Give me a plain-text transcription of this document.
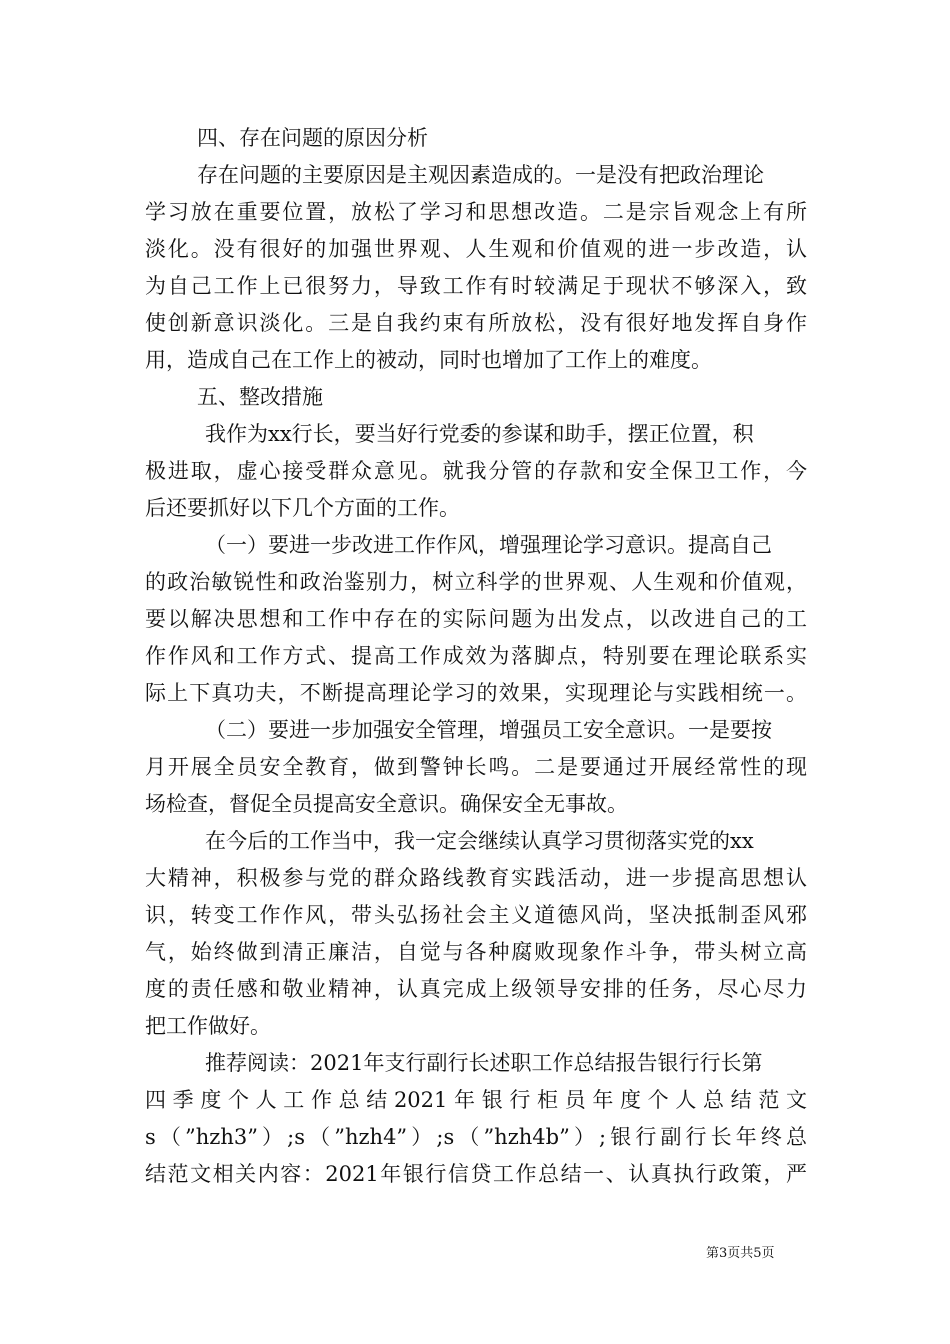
四、存在问题的原因分析
存在问题的主要原因是主观因素造成的。一是没有把政治理论
学习放在重要位置，放松了学习和思想改造。二是宗旨观念上有所
淡化。没有很好的加强世界观、人生观和价值观的进一步改造，认
为自己工作上已很努力，导致工作有时较满足于现状不够深入，致
使创新意识淡化。三是自我约束有所放松，没有很好地发挥自身作
用，造成自己在工作上的被动，同时也增加了工作上的难度。
五、整改措施
我作为xx行长，要当好行党委的参谋和助手，摆正位置，积
极进取，虚心接受群众意见。就我分管的存款和安全保卫工作，今
后还要抓好以下几个方面的工作。
（一）要进一步改进工作作风，增强理论学习意识。提高自己
的政治敏锐性和政治鉴别力，树立科学的世界观、人生观和价值观，
要以解决思想和工作中存在的实际问题为出发点，以改进自己的工
作作风和工作方式、提高工作成效为落脚点，特别要在理论联系实
际上下真功夫，不断提高理论学习的效果，实现理论与实践相统一。
（二）要进一步加强安全管理，增强员工安全意识。一是要按
月开展全员安全教育，做到警钟长鸣。二是要通过开展经常性的现
场检查，督促全员提高安全意识。确保安全无事故。
在今后的工作当中，我一定会继续认真学习贯彻落实党的xx
大精神，积极参与党的群众路线教育实践活动，进一步提高思想认
识，转变工作作风，带头弘扬社会主义道德风尚，坚决抵制歪风邪
气，始终做到清正廉洁，自觉与各种腐败现象作斗争，带头树立高
度的责任感和敬业精神，认真完成上级领导安排的任务，尽心尽力
把工作做好。
推荐阅读：2021年支行副行长述职工作总结报告银行行长第
四季度个人工作总结2021年银行柜员年度个人总结范文
s（”hzh3”）;s（”hzh4”）;s（”hzh4b”）;银行副行长年终总
结范文相关内容：2021年银行信贷工作总结一、认真执行政策，严
第3页共5页
